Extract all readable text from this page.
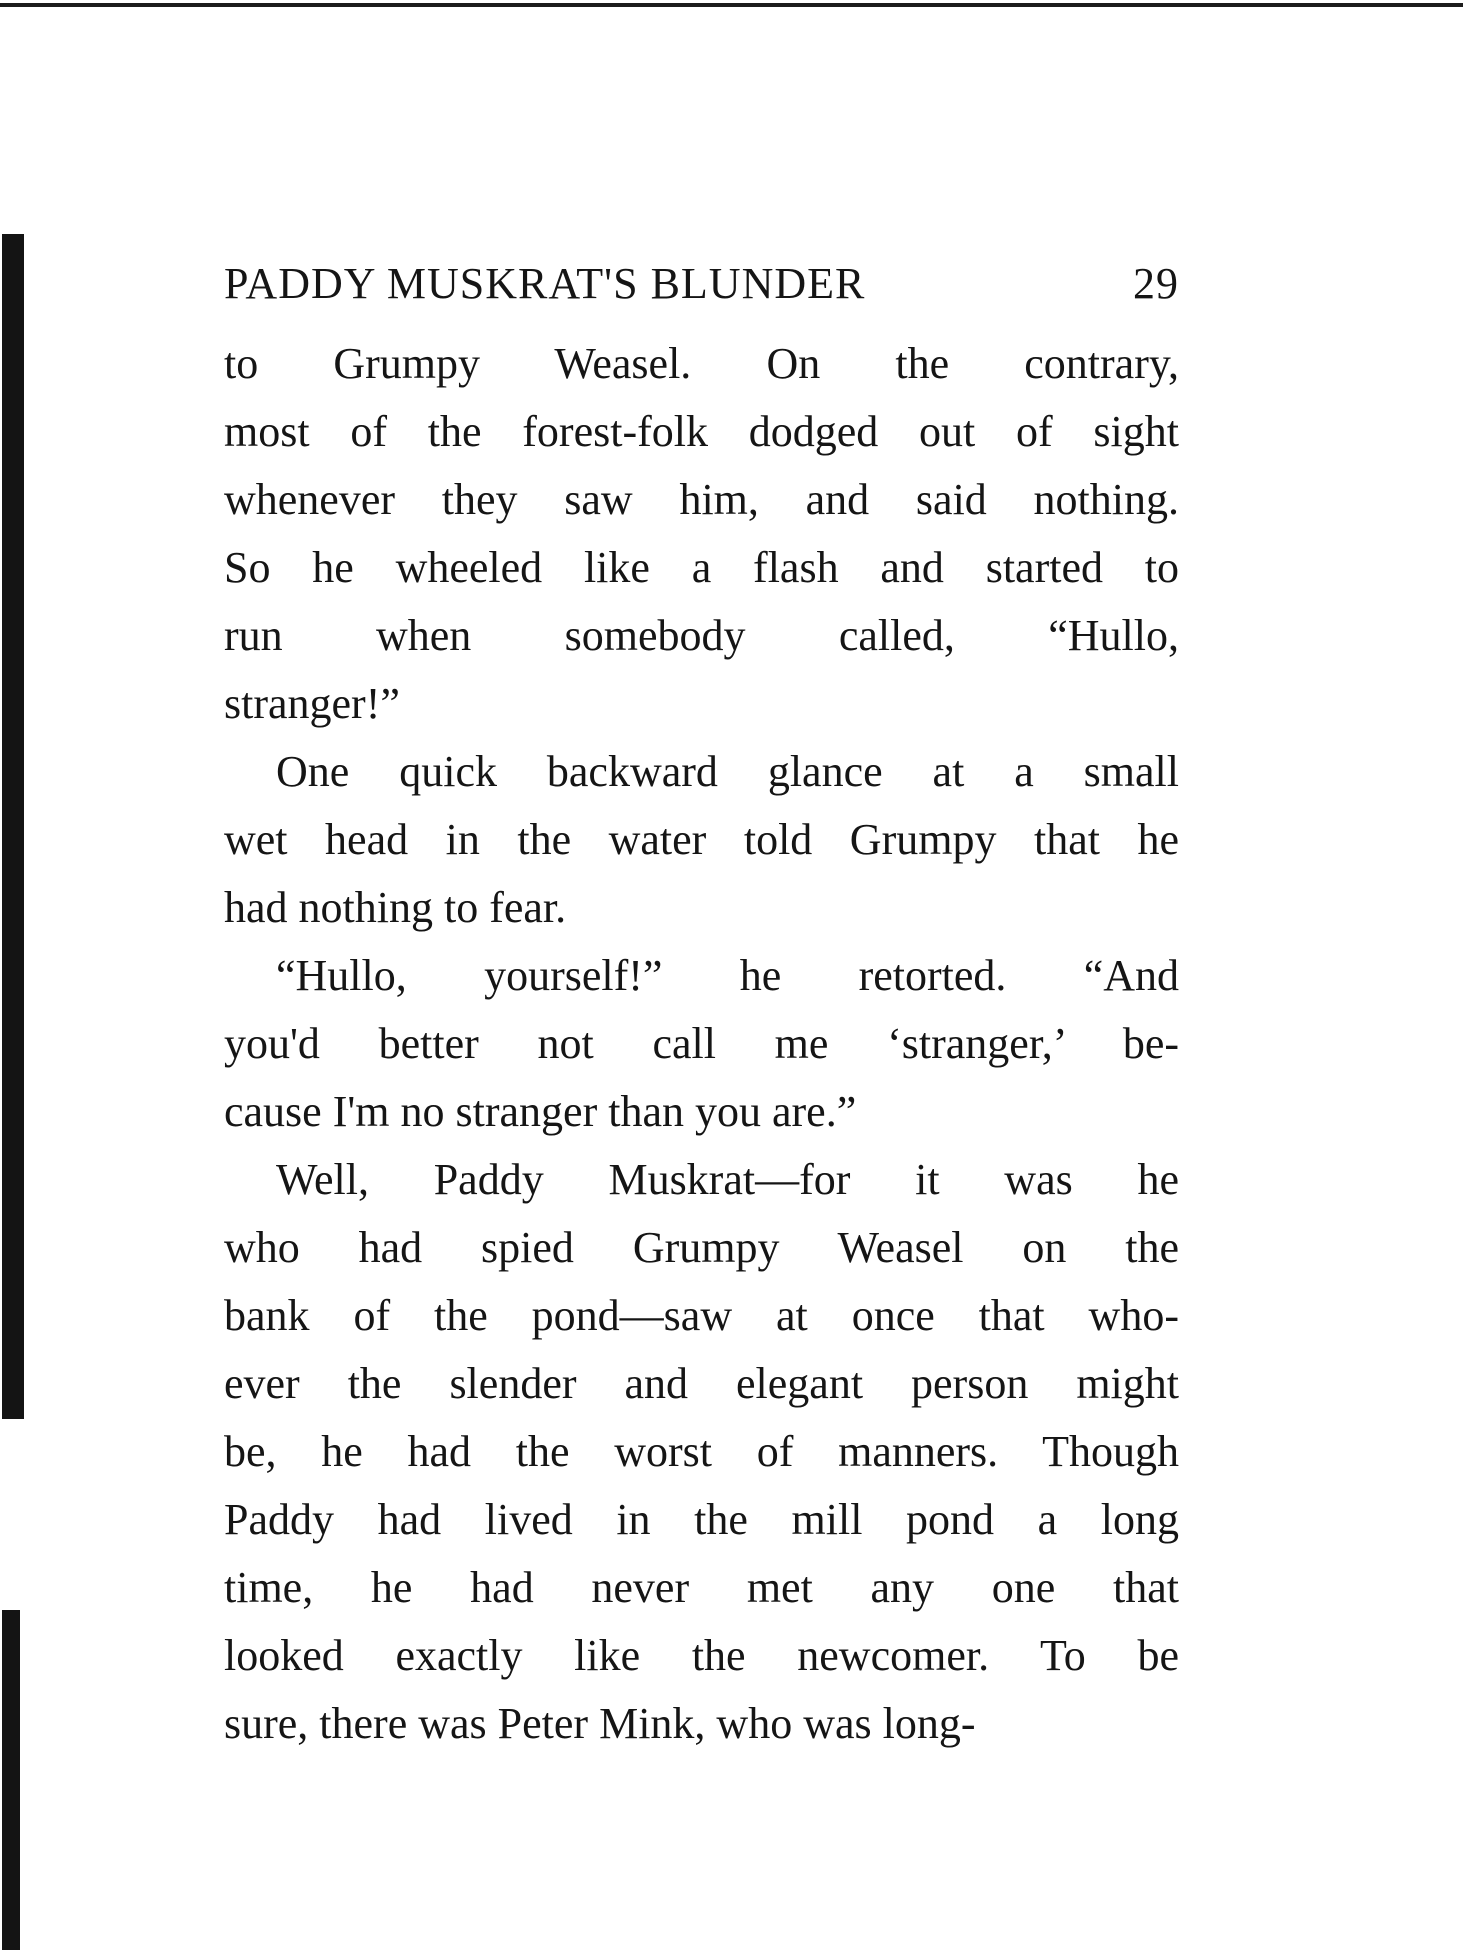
PADDY MUSKRAT'S BLUNDER	29

to Grumpy Weasel. On the contrary,
most of the forest-folk dodged out of sight
whenever they saw him, and said nothing.
So he wheeled like a flash and started to
run when somebody called, “Hullo,
stranger!”

One quick backward glance at a small
wet head in the water told Grumpy that he
had nothing to fear.

“Hullo, yourself!” he retorted. “And
you'd better not call me ‘stranger,’ be-
cause I'm no stranger than you are.”

Well, Paddy Muskrat—for it was he
who had spied Grumpy Weasel on the
bank of the pond—saw at once that who-
ever the slender and elegant person might
be, he had the worst of manners. Though
Paddy had lived in the mill pond a long
time, he had never met any one that
looked exactly like the newcomer. To be
sure, there was Peter Mink, who was long-
